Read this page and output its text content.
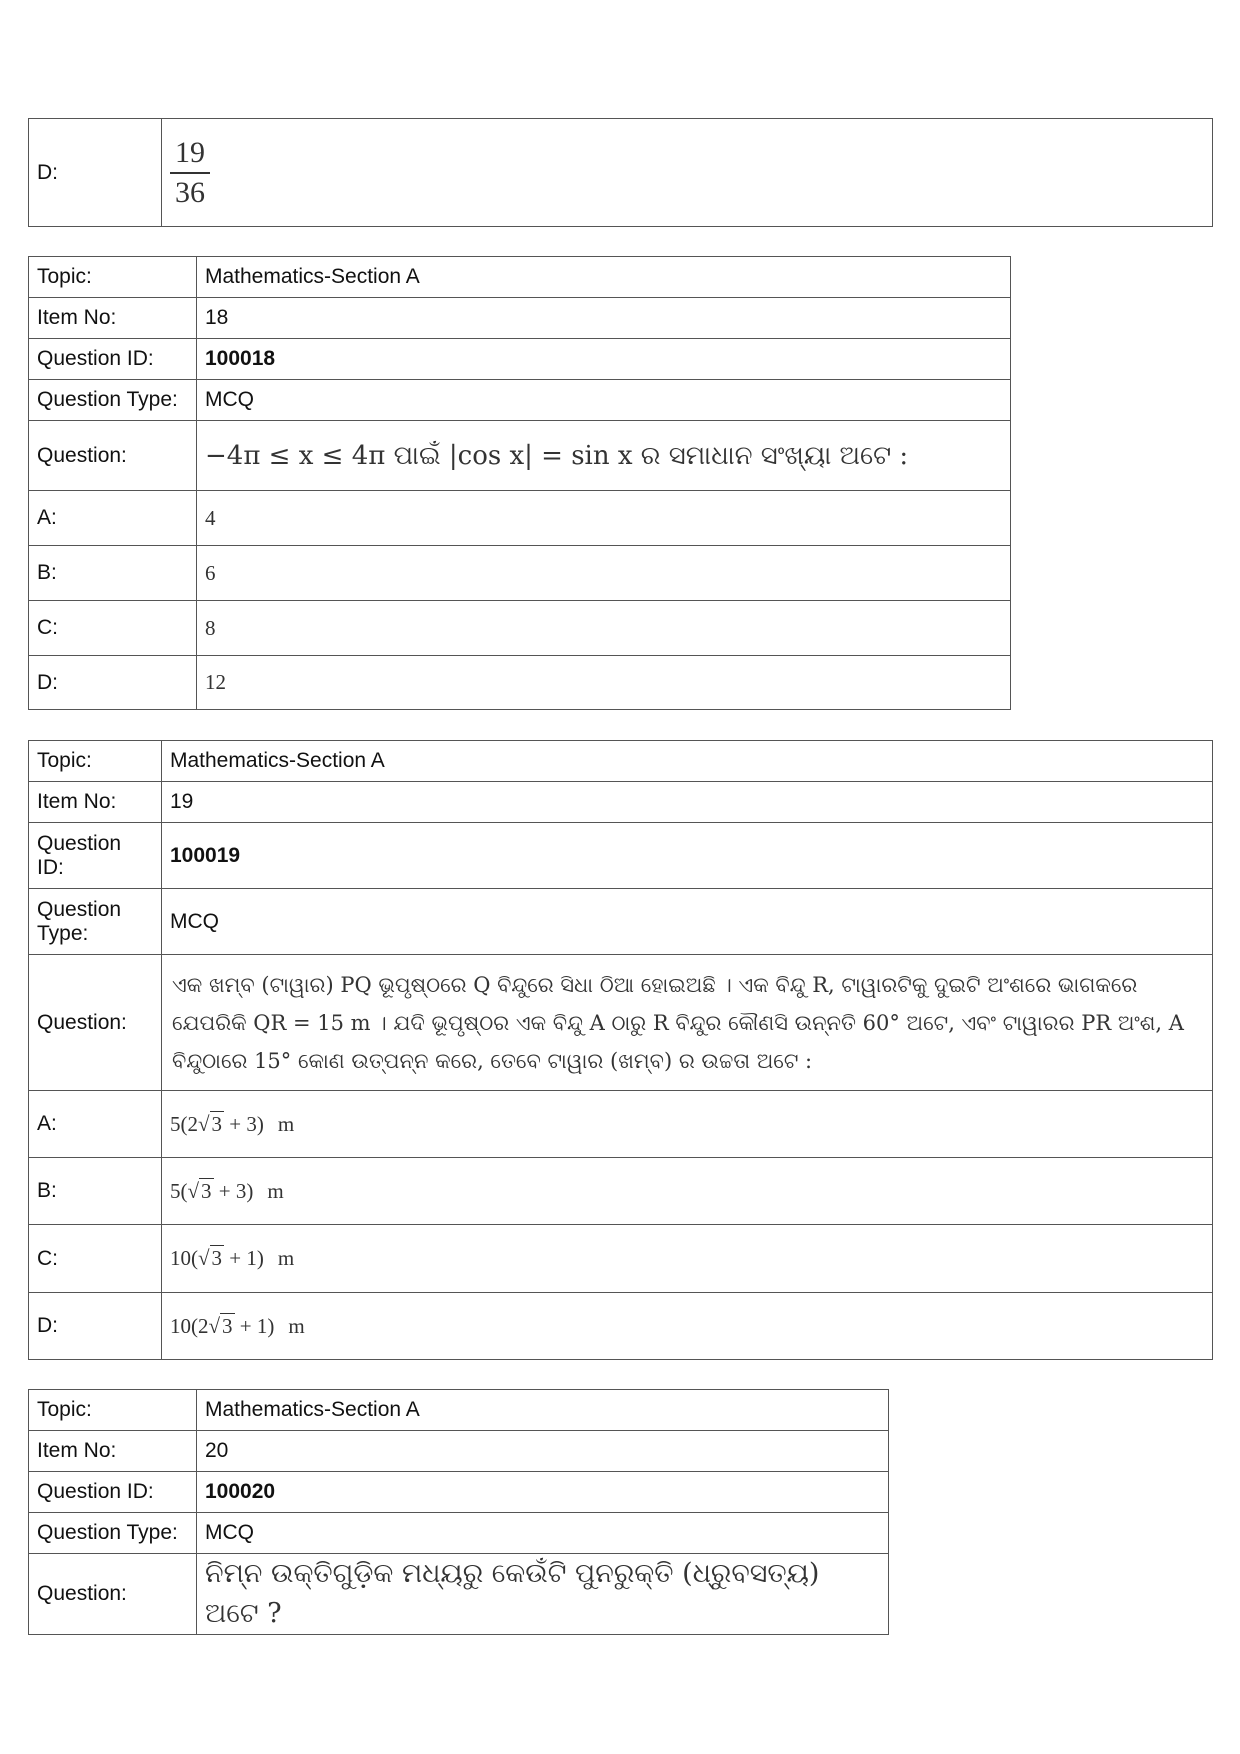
D:	$\frac{19}{36}$
Topic:	Mathematics-Section A
Item No:	18
Question ID:	100018
Question Type:	MCQ
Question:	−4π ≤ x ≤ 4π ପାଇଁ |cos x| = sin x ର ସମାଧାନ ସଂଖ୍ୟା ଅଟେ :
A:	4
B:	6
C:	8
D:	12
Topic:	Mathematics-Section A
Item No:	19
Question ID:	100019
Question Type:	MCQ
Question:	ଏକ ଖମ୍ବ (ଟାୱାର) PQ ଭୂପୃଷ୍ଠରେ Q ବିନ୍ଦୁରେ ସିଧା ଠିଆ ହୋଇଅଛି । ଏକ ବିନ୍ଦୁ R, ଟାୱାରଟିକୁ ଦୁଇଟି ଅଂଶରେ ଭାଗକରେ ଯେପରିକି QR = 15 m । ଯଦି ଭୂପୃଷ୍ଠର ଏକ ବିନ୍ଦୁ A ଠାରୁ R ବିନ୍ଦୁର କୌଣସି ଉନ୍ନତି 60° ଅଟେ, ଏବଂ ଟାୱାରର PR ଅଂଶ, A ବିନ୍ଦୁଠାରେ 15° କୋଣ ଉତ୍ପନ୍ନ କରେ, ତେବେ ଟାୱାର (ଖମ୍ବ) ର ଉଚ୍ଚତା ଅଟେ :
A:	5(2√3 + 3) m
B:	5(√3 + 3) m
C:	10(√3 + 1) m
D:	10(2√3 + 1) m
Topic:	Mathematics-Section A
Item No:	20
Question ID:	100020
Question Type:	MCQ
Question:	ନିମ୍ନ ଉକ୍ତିଗୁଡ଼ିକ ମଧ୍ୟରୁ କେଉଁଟି ପୁନରୁକ୍ତି (ଧ୍ରୁବସତ୍ୟ) ଅଟେ ?
